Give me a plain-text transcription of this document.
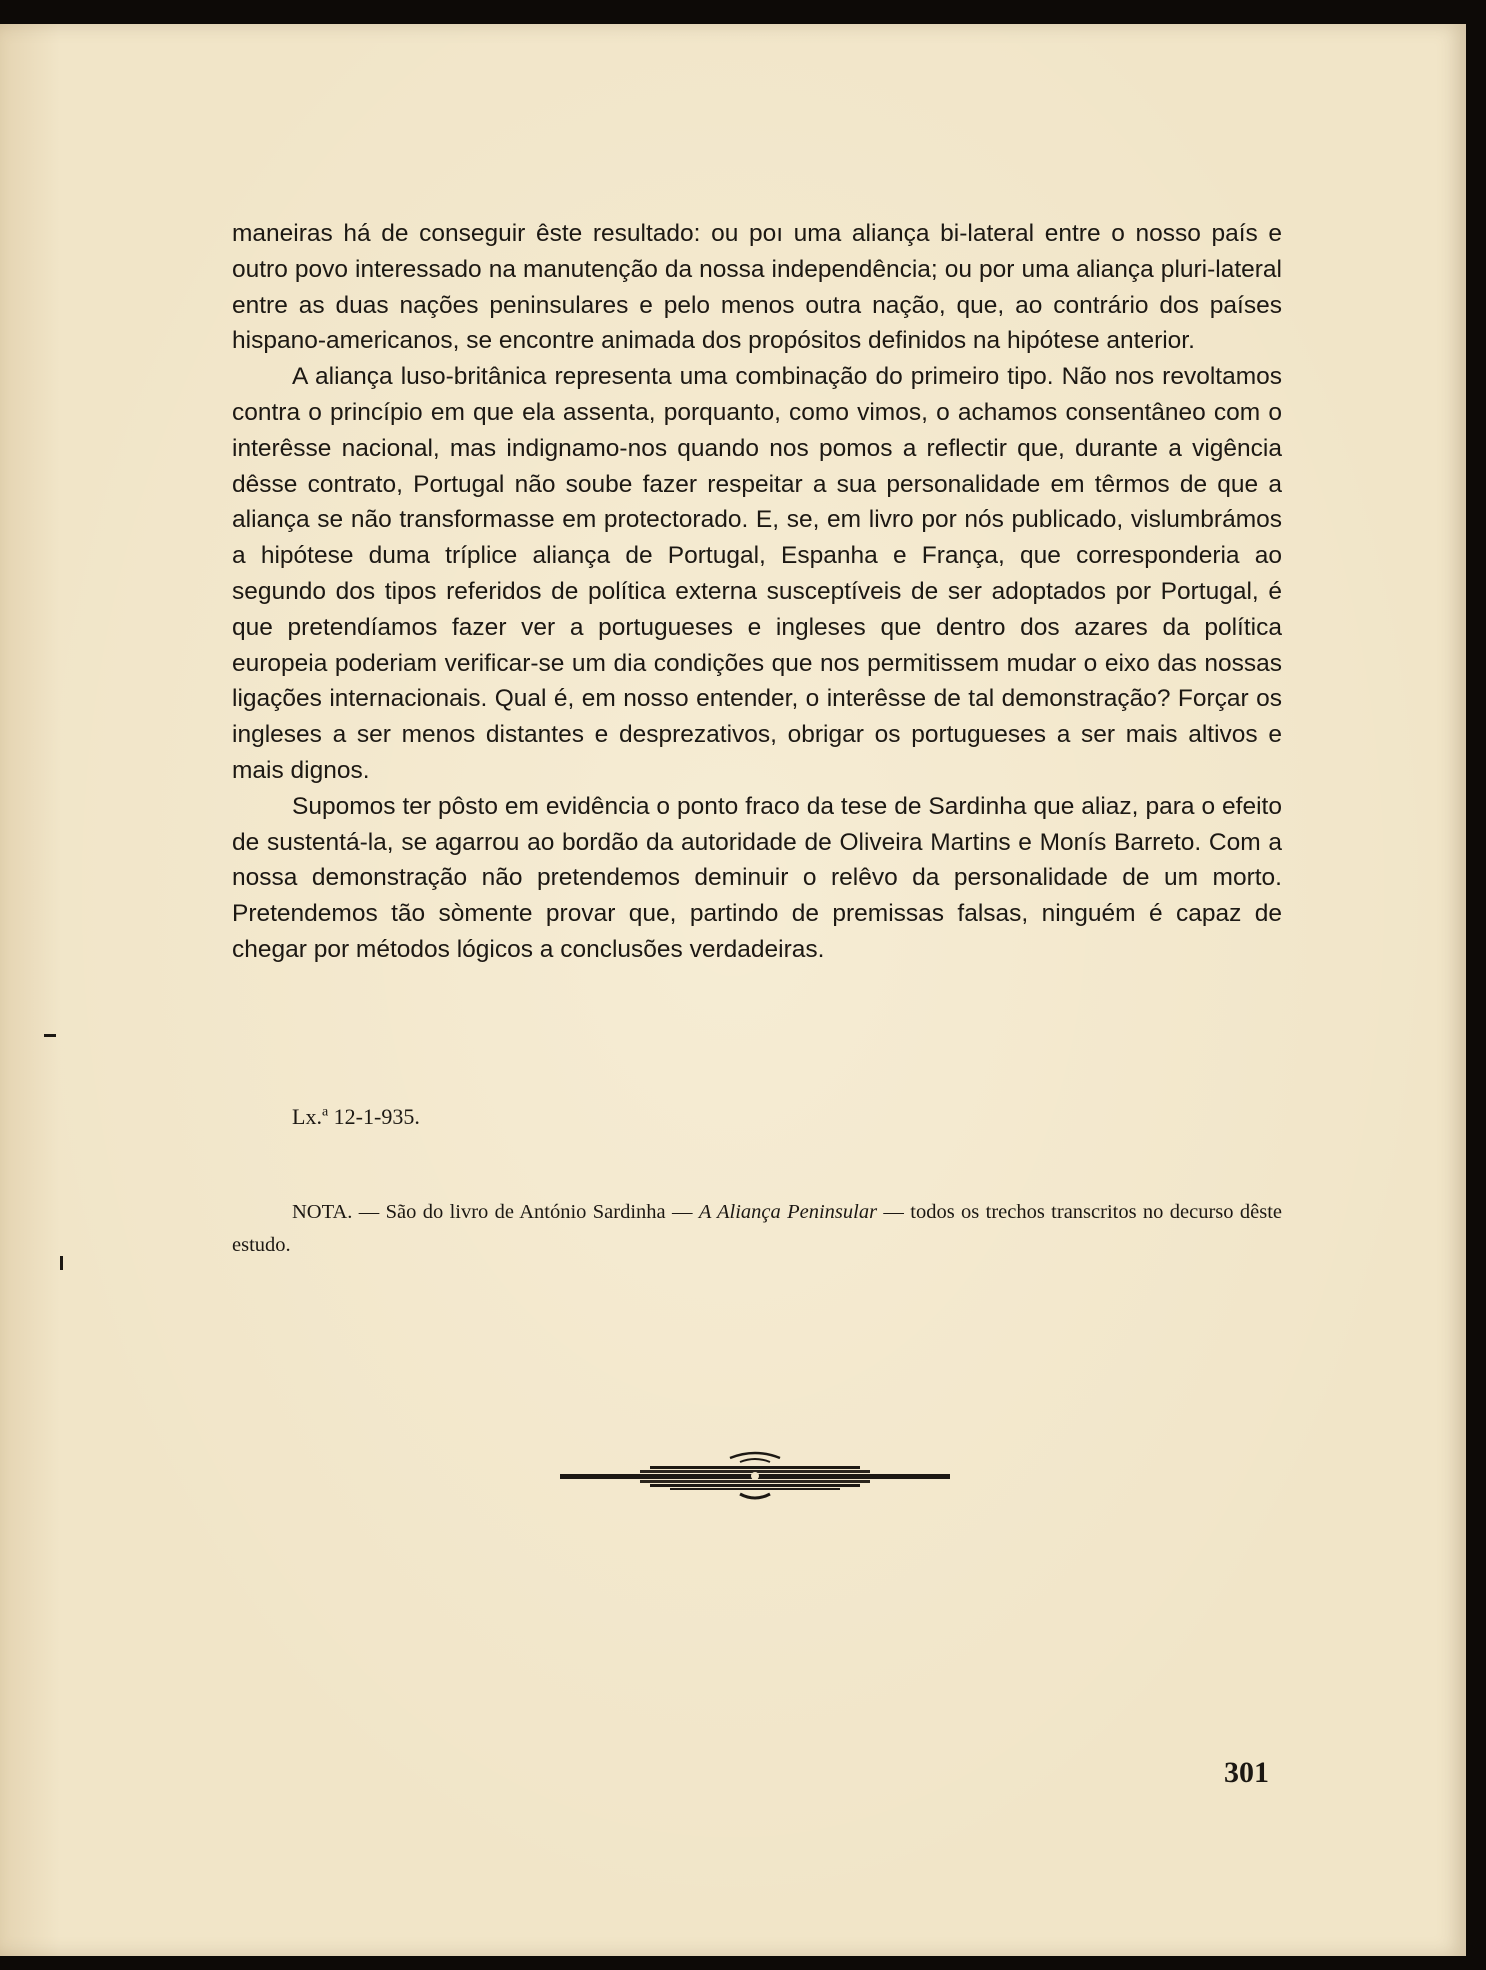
maneiras há de conseguir êste resultado: ou poı uma aliança bi-lateral entre o nosso país e outro povo interessado na manutenção da nossa independência; ou por uma aliança pluri-lateral entre as duas nações peninsulares e pelo menos outra nação, que, ao contrário dos países hispano-americanos, se encontre animada dos propósitos definidos na hipótese anterior.

A aliança luso-britânica representa uma combinação do primeiro tipo. Não nos revoltamos contra o princípio em que ela assenta, porquanto, como vimos, o achamos consentâneo com o interêsse nacional, mas indignamo-nos quando nos pomos a reflectir que, durante a vigência dêsse contrato, Portugal não soube fazer respeitar a sua personalidade em têrmos de que a aliança se não transformasse em protectorado. E, se, em livro por nós publicado, vislumbrámos a hipótese duma tríplice aliança de Portugal, Espanha e França, que corresponderia ao segundo dos tipos referidos de política externa susceptíveis de ser adoptados por Portugal, é que pretendíamos fazer ver a portugueses e ingleses que dentro dos azares da política europeia poderiam verificar-se um dia condições que nos permitissem mudar o eixo das nossas ligações internacionais. Qual é, em nosso entender, o interêsse de tal demonstração? Forçar os ingleses a ser menos distantes e desprezativos, obrigar os portugueses a ser mais altivos e mais dignos.

Supomos ter pôsto em evidência o ponto fraco da tese de Sardinha que aliaz, para o efeito de sustentá-la, se agarrou ao bordão da autoridade de Oliveira Martins e Monís Barreto. Com a nossa demonstração não pretendemos deminuir o relêvo da personalidade de um morto. Pretendemos tão sòmente provar que, partindo de premissas falsas, ninguém é capaz de chegar por métodos lógicos a conclusões verdadeiras.

Lx.$^a$ 12-1-935.
NOTA. — São do livro de António Sardinha — A Aliança Peninsular — todos os trechos transcritos no decurso dêste estudo.
301
